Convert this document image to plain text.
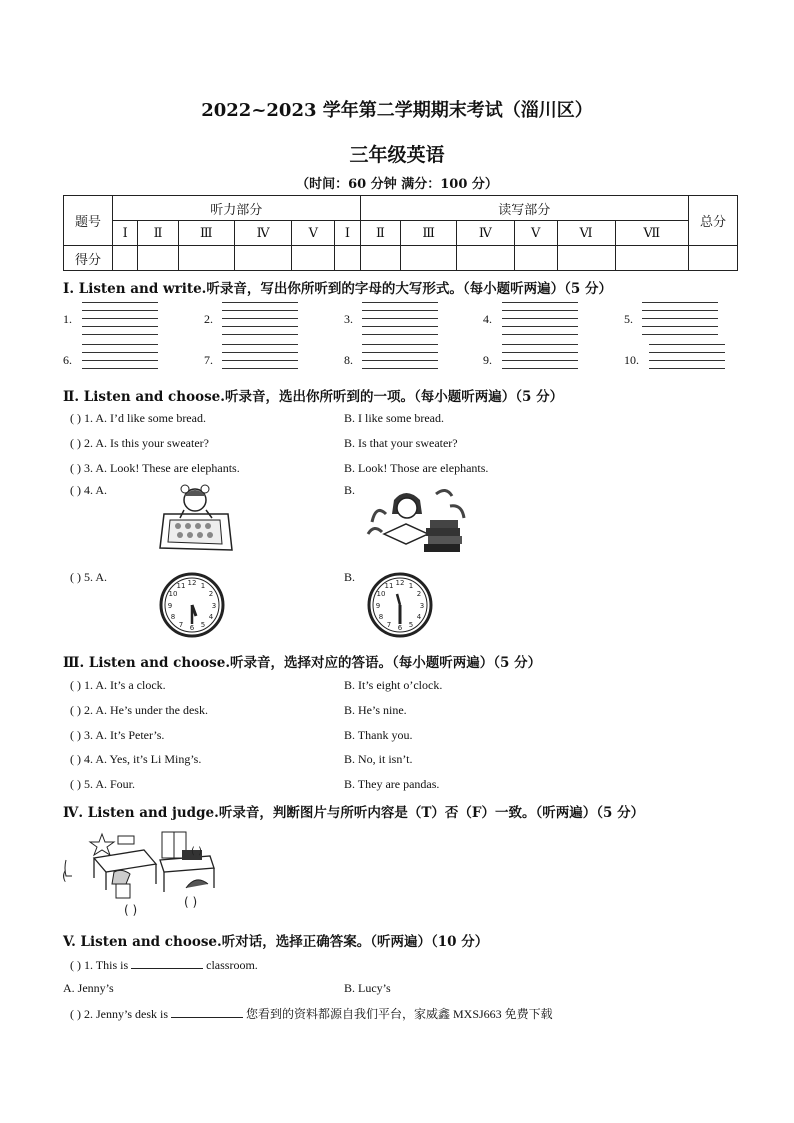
2022~2023 学年第二学期期末考试（淄川区）
三年级英语
（时间：60 分钟 满分：100 分）
题号	听力部分						读写部分						总分
	Ⅰ	Ⅱ	Ⅲ	Ⅳ	Ⅴ	Ⅰ	Ⅱ	Ⅲ	Ⅳ	Ⅴ	Ⅵ	Ⅶ	
得分													
Ⅰ. Listen and write.听录音，写出你所听到的字母的大写形式。（每小题听两遍）（5 分）
1.	2.	3.	4.	5.
6.	7.	8.	9.	10.
Ⅱ. Listen and choose.听录音，选出你所听到的一项。（每小题听两遍）（5 分）
( ) 1. A. I’d like some bread.	B. I like some bread.
( ) 2. A. Is this your sweater?	B. Is that your sweater?
( ) 3. A. Look! These are elephants.	B. Look! Those are elephants.
( ) 4. A.	B.
( ) 5. A.	B.
12 1
2
3
4
5
6
7
8
9
10
11	12 1
2
3
4
5
6
7
8
9
10
11
Ⅲ. Listen and choose.听录音，选择对应的答语。（每小题听两遍）（5 分）
( ) 1. A. It’s a clock.	B. It’s eight o’clock.
( ) 2. A. He’s under the desk.	B. He’s nine.
( ) 3. A. It’s Peter’s.	B. Thank you.
( ) 4. A. Yes, it’s Li Ming’s.	B. No, it isn’t.
( ) 5. A. Four.	B. They are pandas.
Ⅳ. Listen and judge.听录音，判断图片与所听内容是（T）否（F）一致。（听两遍）（5 分）
( )
(
( )
( )
V. Listen and choose.听对话，选择正确答案。（听两遍）（10 分）
( ) 1. This is	classroom.
A. Jenny’s	B. Lucy’s
( ) 2. Jenny’s desk is	您看到的资料都源自我们平台，家威鑫 MXSJ663 免费下载
